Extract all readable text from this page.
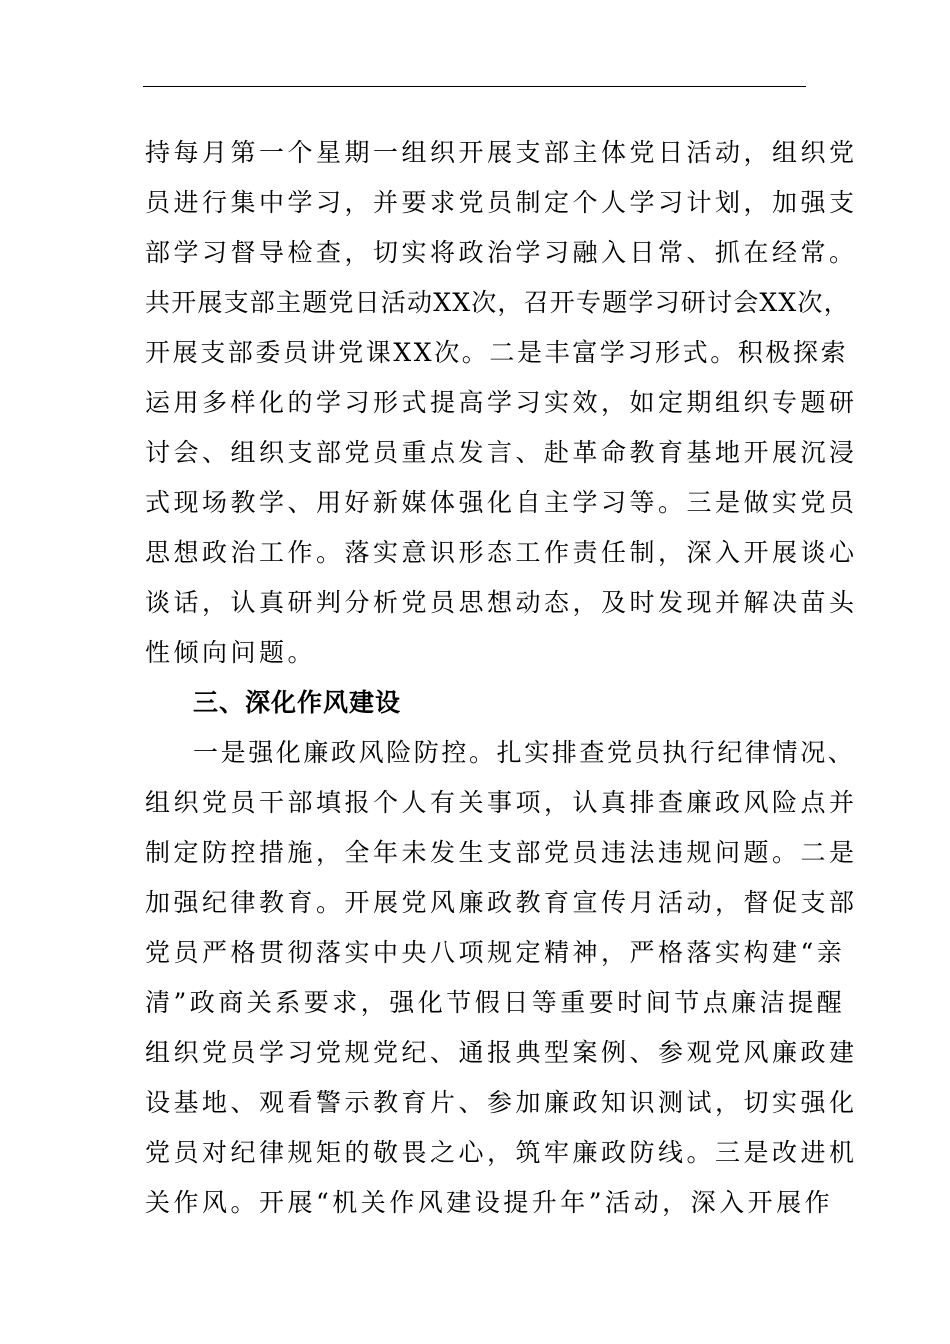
持每月第一个星期一组织开展支部主体党日活动，组织党
员进行集中学习，并要求党员制定个人学习计划，加强支
部学习督导检查，切实将政治学习融入日常、抓在经常。
共开展支部主题党日活动XX次，召开专题学习研讨会XX次，
开展支部委员讲党课XX次。二是丰富学习形式。积极探索
运用多样化的学习形式提高学习实效，如定期组织专题研
讨会、组织支部党员重点发言、赴革命教育基地开展沉浸
式现场教学、用好新媒体强化自主学习等。三是做实党员
思想政治工作。落实意识形态工作责任制，深入开展谈心
谈话，认真研判分析党员思想动态，及时发现并解决苗头
性倾向问题。
三、深化作风建设
一是强化廉政风险防控。扎实排查党员执行纪律情况、
组织党员干部填报个人有关事项，认真排查廉政风险点并
制定防控措施，全年未发生支部党员违法违规问题。二是
加强纪律教育。开展党风廉政教育宣传月活动，督促支部
党员严格贯彻落实中央八项规定精神，严格落实构建“亲
清”政商关系要求，强化节假日等重要时间节点廉洁提醒
组织党员学习党规党纪、通报典型案例、参观党风廉政建
设基地、观看警示教育片、参加廉政知识测试，切实强化
党员对纪律规矩的敬畏之心，筑牢廉政防线。三是改进机
关作风。开展“机关作风建设提升年”活动，深入开展作
